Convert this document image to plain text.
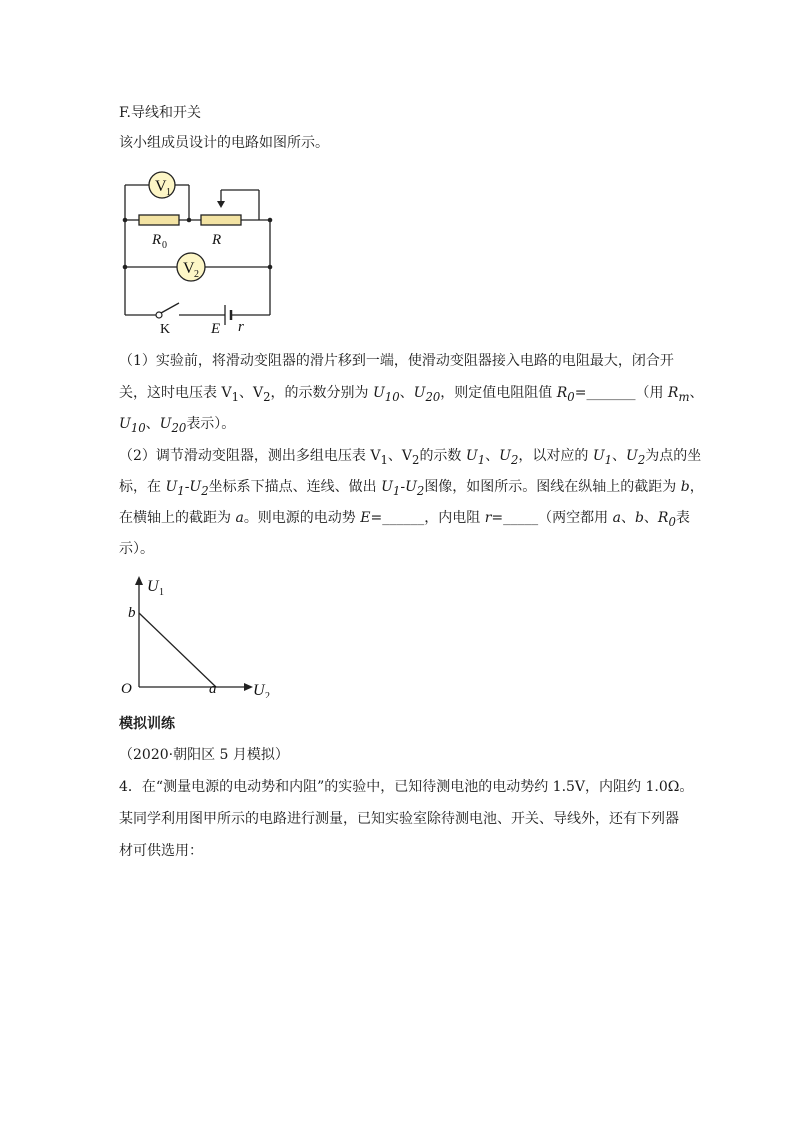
F.导线和开关
该小组成员设计的电路如图所示。
V 1
R 0	R
V 2
K	E r
（1）实验前，将滑动变阻器的滑片移到一端，使滑动变阻器接入电路的电阻最大，闭合开
关，这时电压表 $V_1$、$V_2$，的示数分别为 $U_{10}$、$U_{20}$，则定值电阻阻值 $R_0=\_\_\_\_\_\_\_$（用 $R_m$、
$U_{10}$、$U_{20}$表示）。
（2）调节滑动变阻器，测出多组电压表 $V_1$、$V_2$的示数 $U_1$、$U_2$，以对应的 $U_1$、$U_2$为点的坐
标，在 $U_1-U_2$坐标系下描点、连线、做出 $U_1-U_2$图像，如图所示。图线在纵轴上的截距为 b，
在横轴上的截距为 a。则电源的电动势 E=______，内电阻 r=_____（两空都用 a、b、$R_0$表
示）。
U 1
U 2
O
b
a
模拟训练
（2020·朝阳区 5 月模拟）
4．在“测量电源的电动势和内阻”的实验中，已知待测电池的电动势约 1.5V，内阻约 1.0Ω。
某同学利用图甲所示的电路进行测量，已知实验室除待测电池、开关、导线外，还有下列器
材可供选用：
